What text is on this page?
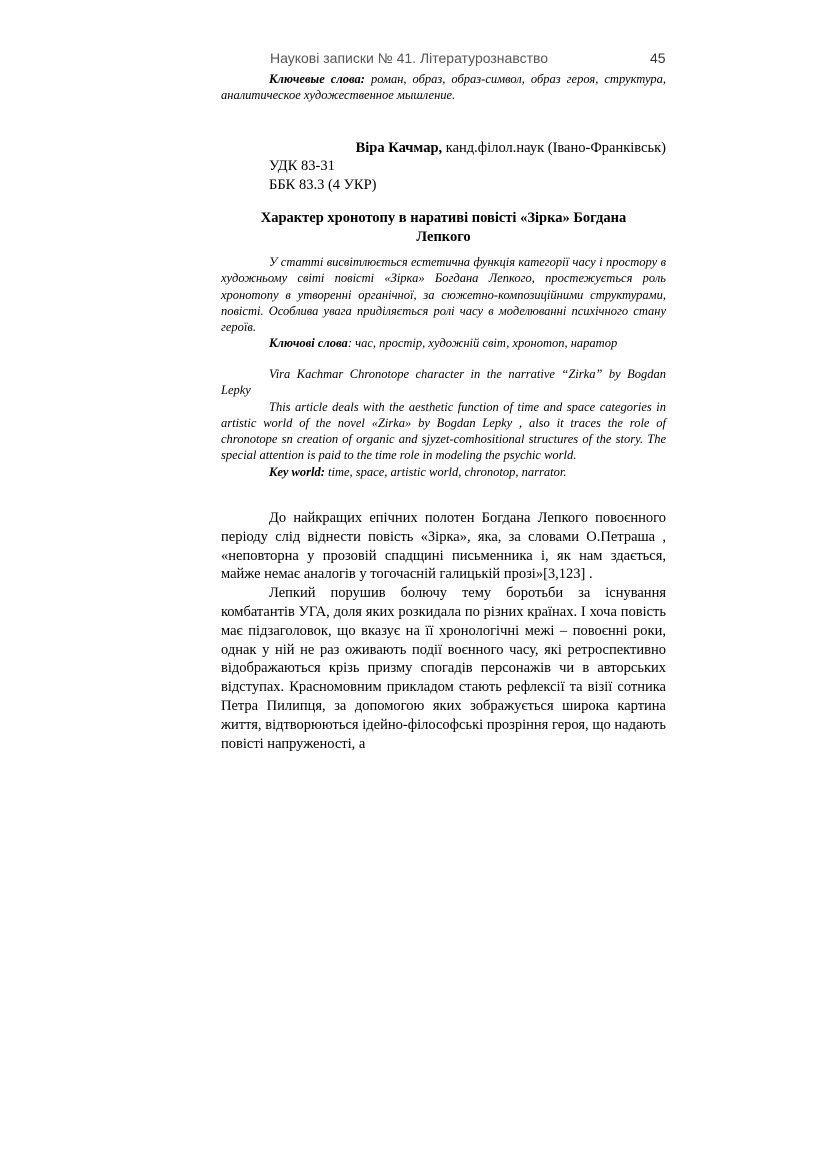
Наукові записки № 41. Літературознавство	45

Ключевые слова: роман, образ, образ-символ, образ героя, структура, аналитическое художественное мышление.

Віра Качмар, канд.філол.наук (Івано-Франківськ)
УДК 83-31
ББК 83.3 (4 УКР)
Характер хронотопу в наративі повісті «Зірка» Богдана
Лепкого

У статті висвітлюється естетична функція категорії часу і простору в художньому світі повісті «Зірка» Богдана Лепкого, простежується роль хронотопу в утворенні органічної, за сюжетно-композиційними структурами, повісті. Особлива увага приділяється ролі часу в моделюванні психічного стану героїв.

Ключові слова: час, простір, художній світ, хронотоп, наратор

Vira Kachmar Chronotope character in the narrative “Zirka” by Bogdan Lepky

This article deals with the aesthetic function of time and space categories in artistic world of the novel «Zirka» by Bogdan Lepky , also it traces the role of chronotope sn creation of organic and sjyzet-comhositional structures of the story. The special attention is paid to the time role in modeling the psychic world.

Key world: time, space, artistic world, chronotop, narrator.

До найкращих епічних полотен Богдана Лепкого повоєнного періоду слід віднести повість «Зірка», яка, за словами О.Петраша , «неповторна у прозовій спадщині письменника і, як нам здається, майже немає аналогів у тогочасній галицькій прозі»[3,123] .

Лепкий порушив болючу тему боротьби за існування комбатантів УГА, доля яких розкидала по різних країнах. І хоча повість має підзаголовок, що вказує на її хронологічні межі – повоєнні роки, однак у ній не раз оживають події воєнного часу, які ретроспективно відображаються крізь призму спогадів персонажів чи в авторських відступах. Красномовним прикладом стають рефлексії та візії сотника Петра Пилипця, за допомогою яких зображується широка картина життя, відтворюються ідейно-філософські прозріння героя, що надають повісті напруженості, а
